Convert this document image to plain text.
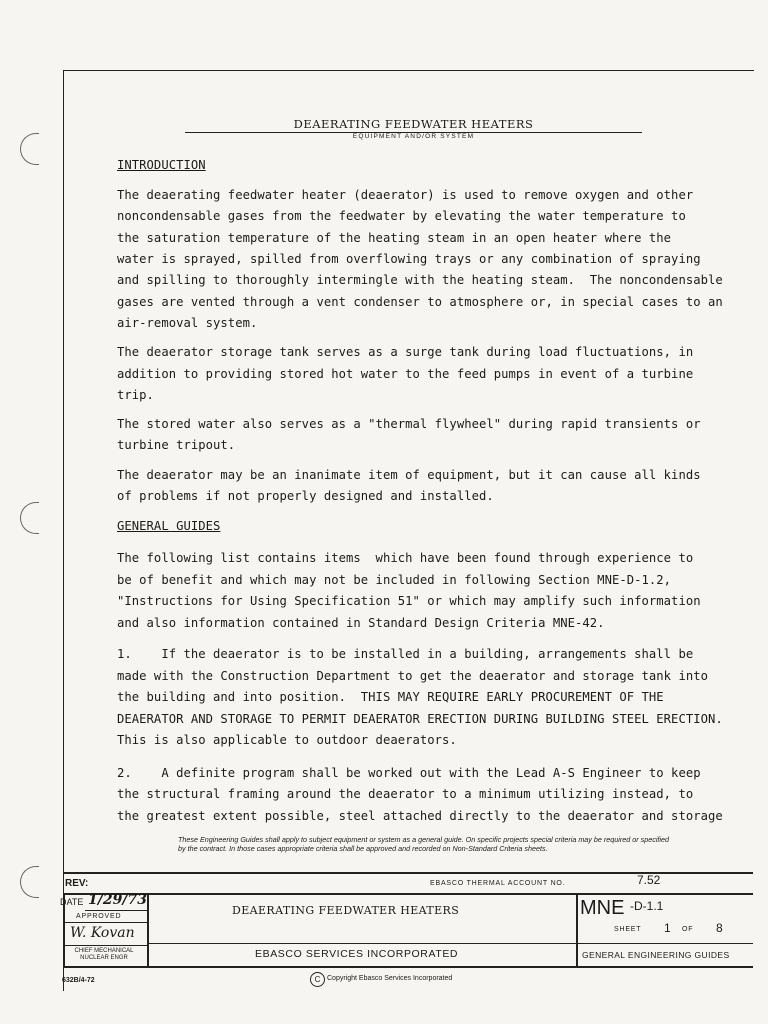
DEAERATING FEEDWATER HEATERS
EQUIPMENT AND/OR SYSTEM
INTRODUCTION
The deaerating feedwater heater (deaerator) is used to remove oxygen and other
noncondensable gases from the feedwater by elevating the water temperature to
the saturation temperature of the heating steam in an open heater where the
water is sprayed, spilled from overflowing trays or any combination of spraying
and spilling to thoroughly intermingle with the heating steam.  The noncondensable
gases are vented through a vent condenser to atmosphere or, in special cases to an
air-removal system.
The deaerator storage tank serves as a surge tank during load fluctuations, in
addition to providing stored hot water to the feed pumps in event of a turbine
trip.
The stored water also serves as a "thermal flywheel" during rapid transients or
turbine tripout.
The deaerator may be an inanimate item of equipment, but it can cause all kinds
of problems if not properly designed and installed.
GENERAL GUIDES
The following list contains items  which have been found through experience to
be of benefit and which may not be included in following Section MNE-D-1.2,
"Instructions for Using Specification 51" or which may amplify such information
and also information contained in Standard Design Criteria MNE-42.
1.    If the deaerator is to be installed in a building, arrangements shall be
made with the Construction Department to get the deaerator and storage tank into
the building and into position.  THIS MAY REQUIRE EARLY PROCUREMENT OF THE
DEAERATOR AND STORAGE TO PERMIT DEAERATOR ERECTION DURING BUILDING STEEL ERECTION.
This is also applicable to outdoor deaerators.
2.    A definite program shall be worked out with the Lead A-S Engineer to keep
the structural framing around the deaerator to a minimum utilizing instead, to
the greatest extent possible, steel attached directly to the deaerator and storage
These Engineering Guides shall apply to subject equipment or system as a general guide. On specific projects special criteria may be required or specified by the contract. In those cases appropriate criteria shall be approved and recorded on Non-Standard Criteria sheets.
REV:	EBASCO THERMAL ACCOUNT NO.	7.52
DATE 1/29/73
APPROVED
W. Kovan
CHIEF MECHANICAL NUCLEAR ENGR
DEAERATING FEEDWATER HEATERS
EBASCO SERVICES INCORPORATED
MNE -D-1.1
SHEET 1 OF 8
GENERAL ENGINEERING GUIDES
632B/4-72	C Copyright Ebasco Services Incorporated
